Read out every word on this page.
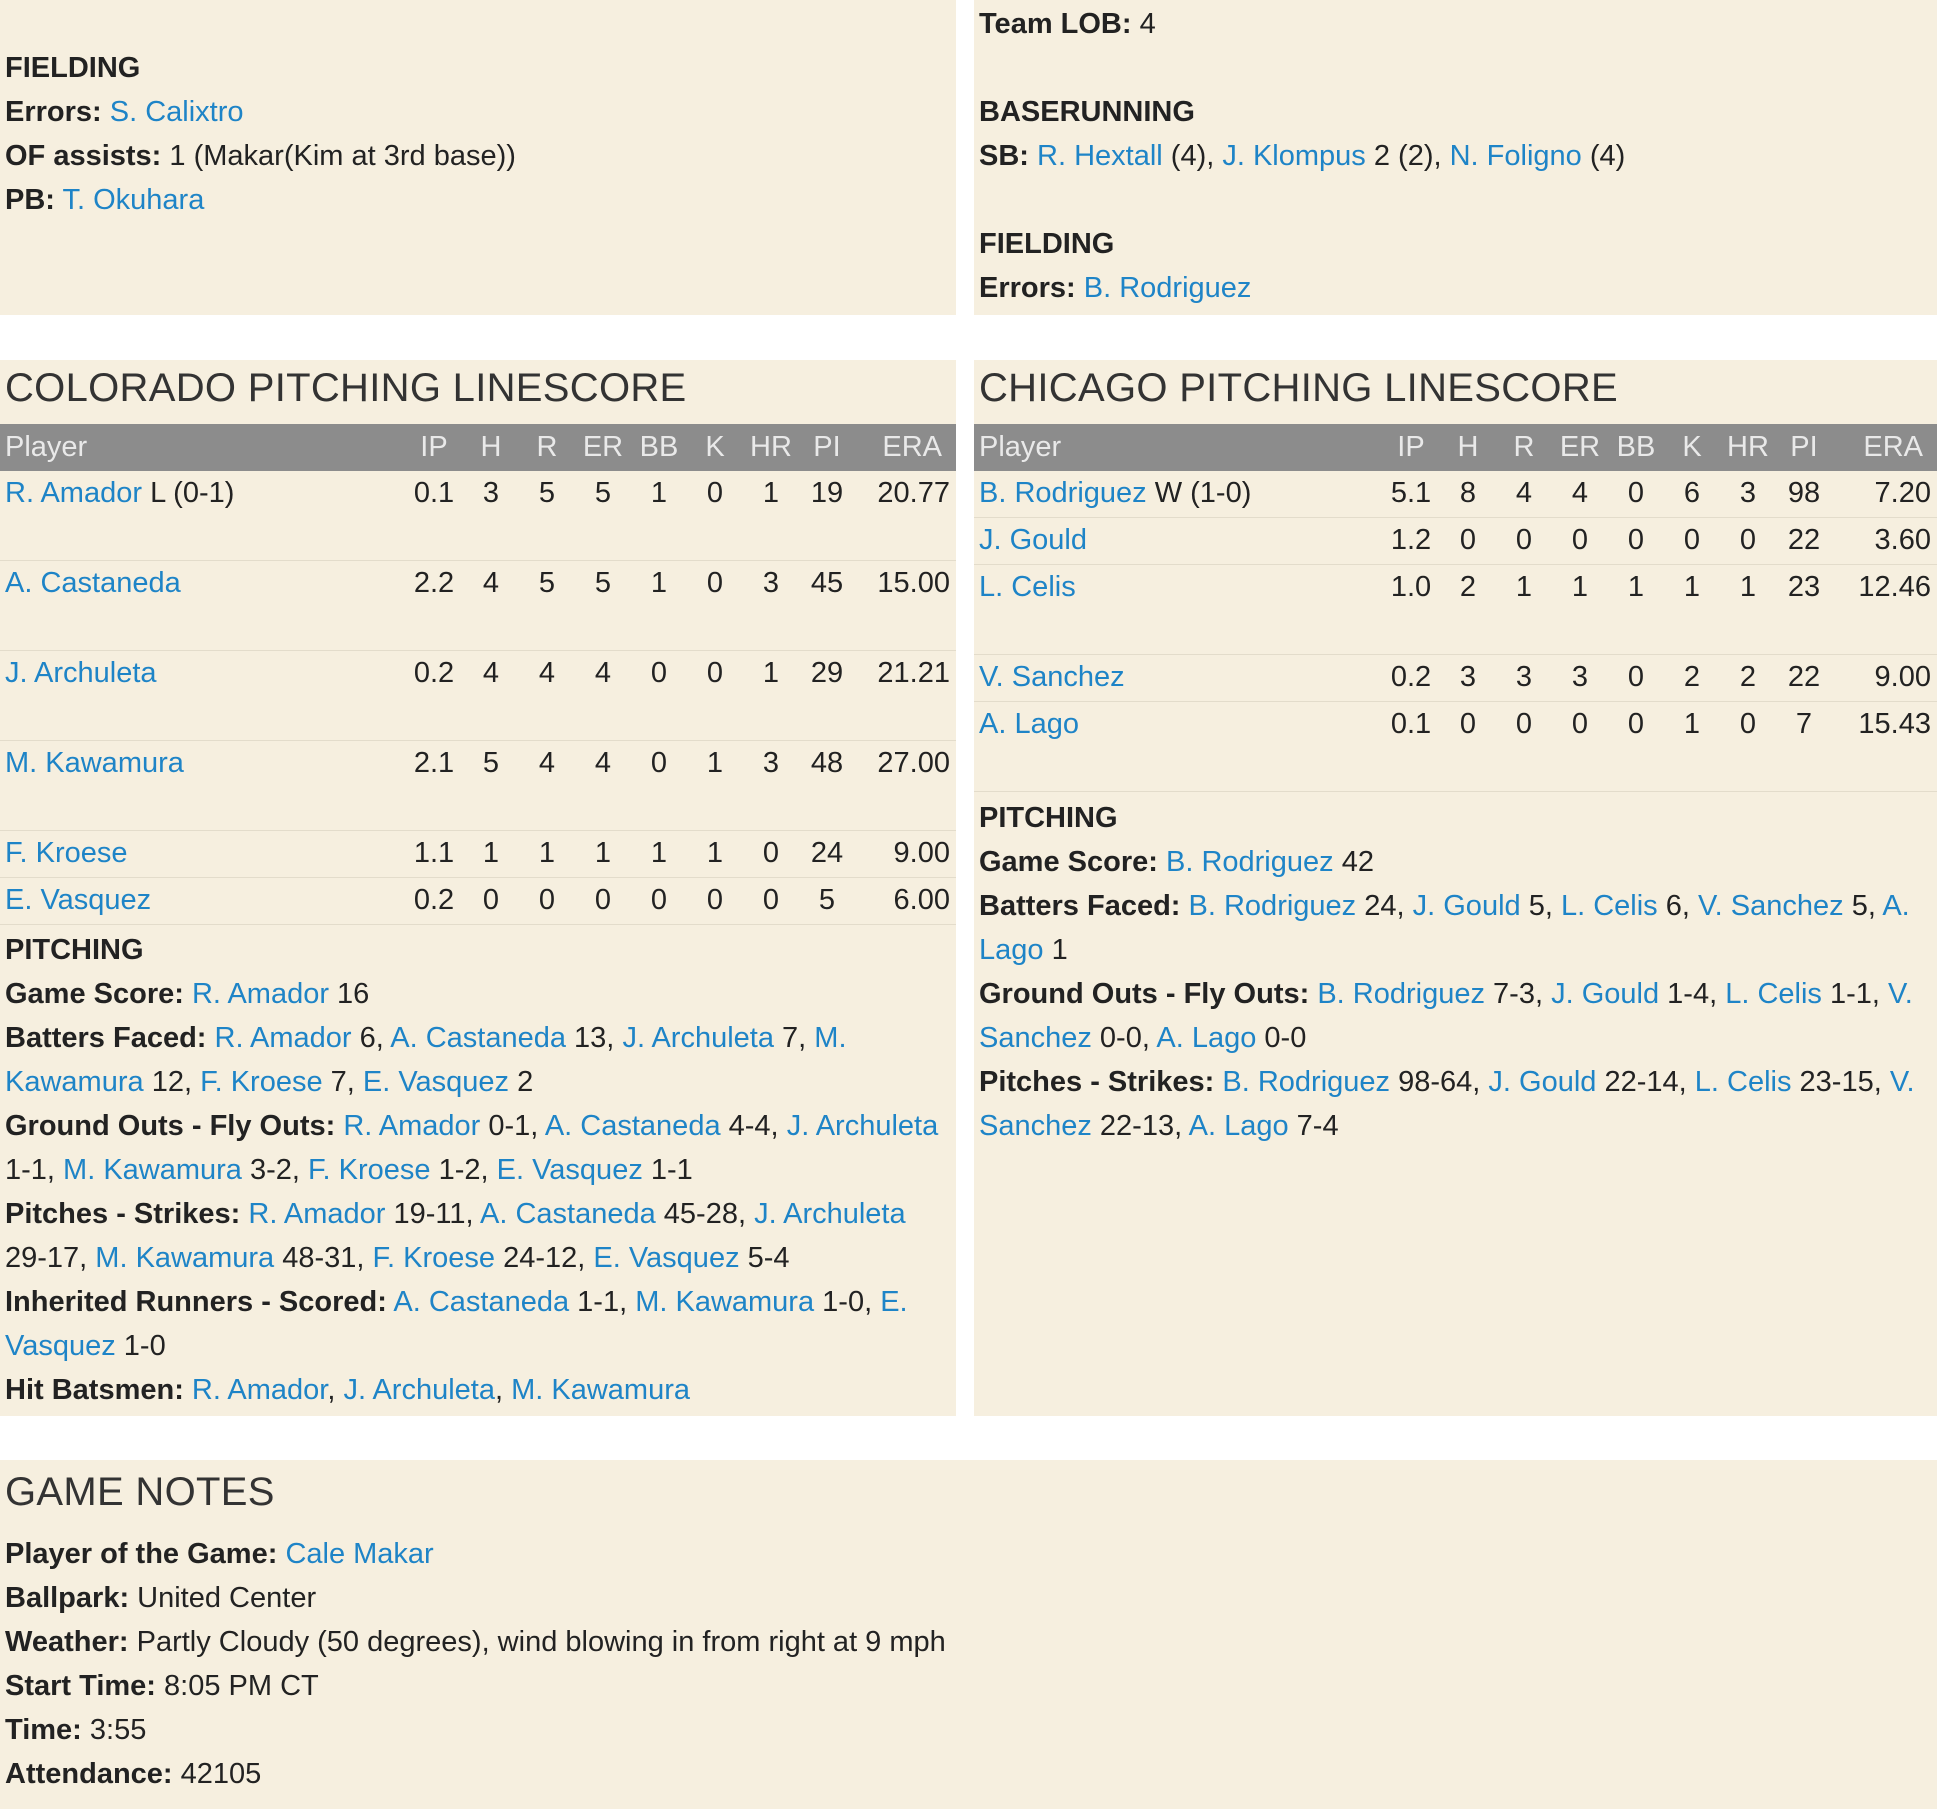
FIELDING
Errors: S. Calixtro
OF assists: 1 (Makar(Kim at 3rd base))
PB: T. Okuhara
Team LOB: 4
BASERUNNING
SB: R. Hextall (4), J. Klompus 2 (2), N. Foligno (4)
FIELDING
Errors: B. Rodriguez
COLORADO PITCHING LINESCORE
Player	IP	H	R	ER	BB	K	HR	PI	ERA
R. Amador L (0-1)	0.1	3	5	5	1	0	1	19	20.77
A. Castaneda	2.2	4	5	5	1	0	3	45	15.00
J. Archuleta	0.2	4	4	4	0	0	1	29	21.21
M. Kawamura	2.1	5	4	4	0	1	3	48	27.00
F. Kroese	1.1	1	1	1	1	1	0	24	9.00
E. Vasquez	0.2	0	0	0	0	0	0	5	6.00
PITCHING
Game Score: R. Amador 16
Batters Faced: R. Amador 6, A. Castaneda 13, J. Archuleta 7, M. Kawamura 12, F. Kroese 7, E. Vasquez 2
Ground Outs - Fly Outs: R. Amador 0-1, A. Castaneda 4-4, J. Archuleta 1-1, M. Kawamura 3-2, F. Kroese 1-2, E. Vasquez 1-1
Pitches - Strikes: R. Amador 19-11, A. Castaneda 45-28, J. Archuleta 29-17, M. Kawamura 48-31, F. Kroese 24-12, E. Vasquez 5-4
Inherited Runners - Scored: A. Castaneda 1-1, M. Kawamura 1-0, E. Vasquez 1-0
Hit Batsmen: R. Amador, J. Archuleta, M. Kawamura
CHICAGO PITCHING LINESCORE
Player	IP	H	R	ER	BB	K	HR	PI	ERA
B. Rodriguez W (1-0)	5.1	8	4	4	0	6	3	98	7.20
J. Gould	1.2	0	0	0	0	0	0	22	3.60
L. Celis	1.0	2	1	1	1	1	1	23	12.46
V. Sanchez	0.2	3	3	3	0	2	2	22	9.00
A. Lago	0.1	0	0	0	0	1	0	7	15.43
PITCHING
Game Score: B. Rodriguez 42
Batters Faced: B. Rodriguez 24, J. Gould 5, L. Celis 6, V. Sanchez 5, A. Lago 1
Ground Outs - Fly Outs: B. Rodriguez 7-3, J. Gould 1-4, L. Celis 1-1, V. Sanchez 0-0, A. Lago 0-0
Pitches - Strikes: B. Rodriguez 98-64, J. Gould 22-14, L. Celis 23-15, V. Sanchez 22-13, A. Lago 7-4
GAME NOTES
Player of the Game: Cale Makar
Ballpark: United Center
Weather: Partly Cloudy (50 degrees), wind blowing in from right at 9 mph
Start Time: 8:05 PM CT
Time: 3:55
Attendance: 42105
